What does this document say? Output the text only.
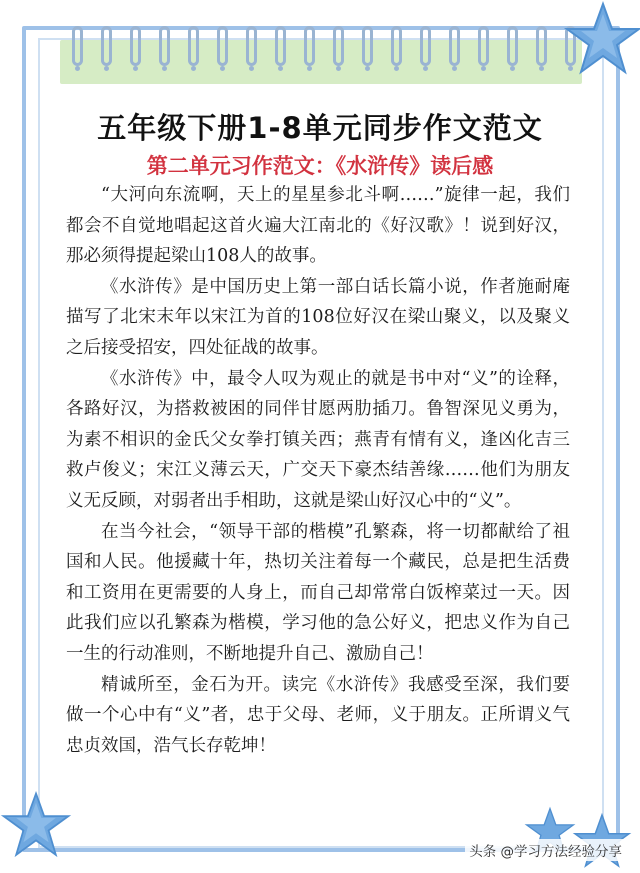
五年级下册1-8单元同步作文范文
第二单元习作范文：《水浒传》读后感

“大河向东流啊，天上的星星参北斗啊……”旋律一起，我们都会不自觉地唱起这首火遍大江南北的《好汉歌》！说到好汉，那必须得提起梁山108人的故事。

《水浒传》是中国历史上第一部白话长篇小说，作者施耐庵描写了北宋末年以宋江为首的108位好汉在梁山聚义，以及聚义之后接受招安，四处征战的故事。

《水浒传》中，最令人叹为观止的就是书中对“义”的诠释，各路好汉，为搭救被困的同伴甘愿两肋插刀。鲁智深见义勇为，为素不相识的金氏父女拳打镇关西；燕青有情有义，逢凶化吉三救卢俊义；宋江义薄云天，广交天下豪杰结善缘……他们为朋友义无反顾，对弱者出手相助，这就是梁山好汉心中的“义”。

在当今社会，“领导干部的楷模”孔繁森，将一切都献给了祖国和人民。他援藏十年，热切关注着每一个藏民，总是把生活费和工资用在更需要的人身上，而自己却常常白饭榨菜过一天。因此我们应以孔繁森为楷模，学习他的急公好义，把忠义作为自己一生的行动准则，不断地提升自己、激励自己！

精诚所至，金石为开。读完《水浒传》我感受至深，我们要做一个心中有“义”者，忠于父母、老师，义于朋友。正所谓义气忠贞效国，浩气长存乾坤！

头条 @学习方法经验分享
